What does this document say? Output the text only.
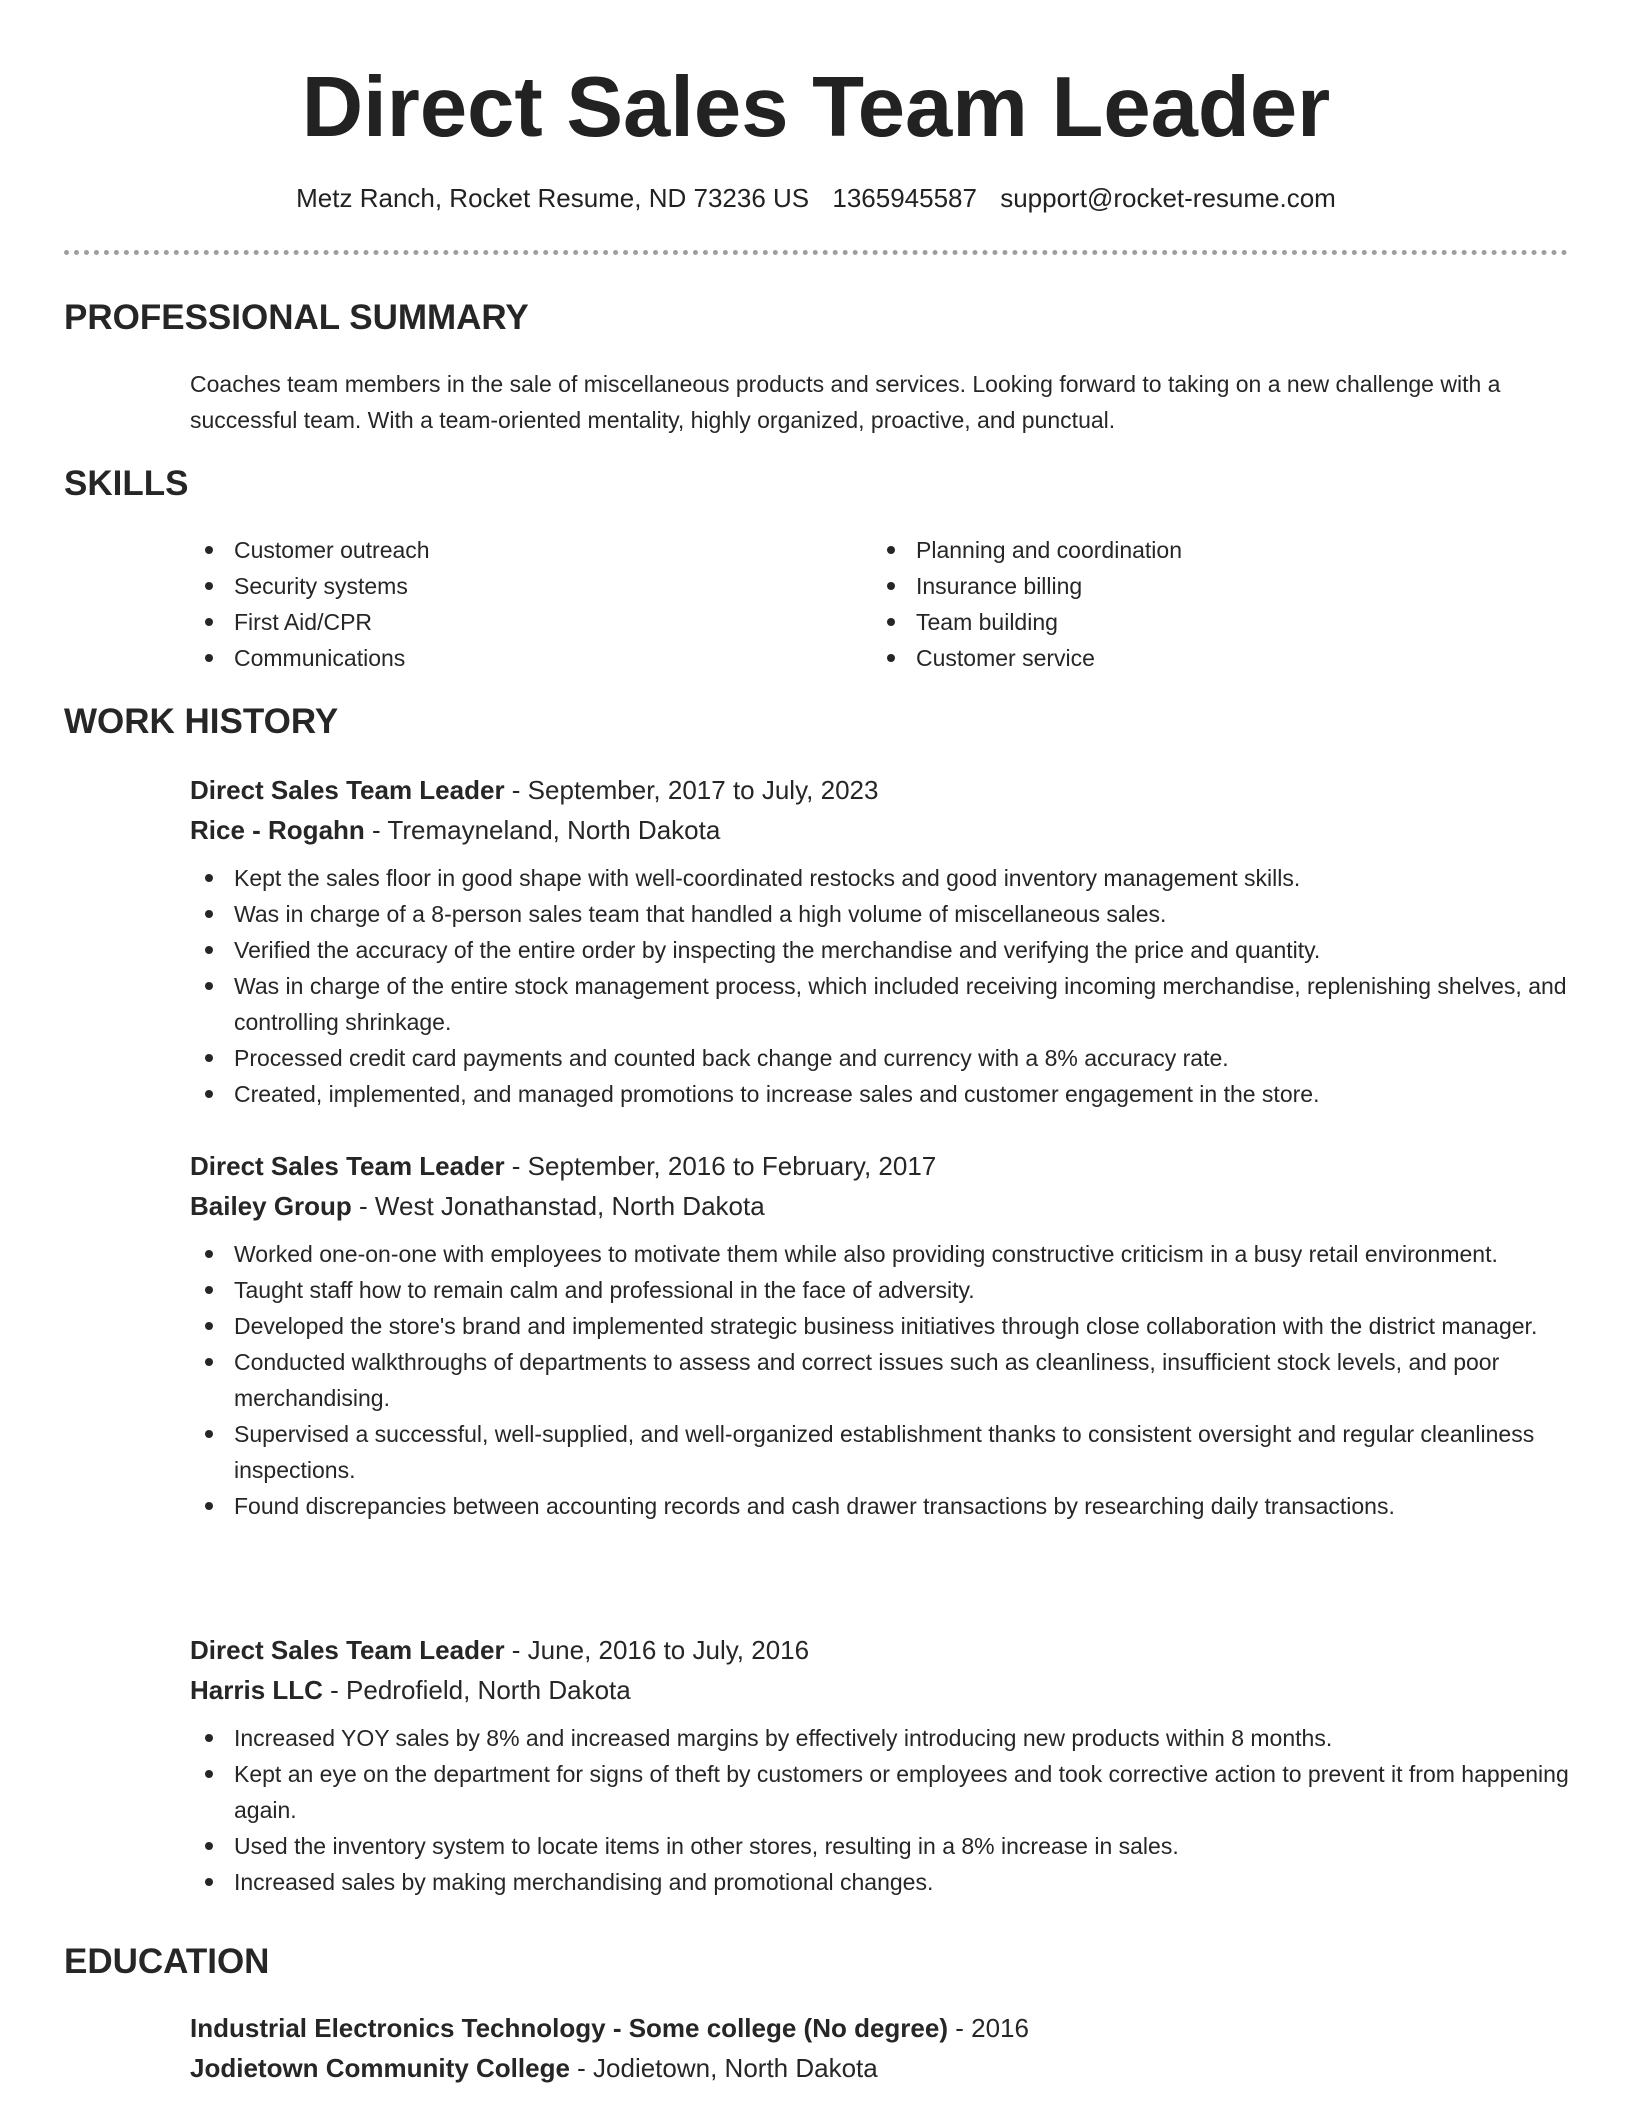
Direct Sales Team Leader
Metz Ranch, Rocket Resume, ND 73236 US 1365945587 support@rocket-resume.com
PROFESSIONAL SUMMARY

Coaches team members in the sale of miscellaneous products and services. Looking forward to taking on a new challenge with a successful team. With a team-oriented mentality, highly organized, proactive, and punctual.

SKILLS
Customer outreach
Security systems
First Aid/CPR
Communications
Planning and coordination
Insurance billing
Team building
Customer service
WORK HISTORY
Direct Sales Team Leader - September, 2017 to July, 2023
Rice - Rogahn - Tremayneland, North Dakota
Kept the sales floor in good shape with well-coordinated restocks and good inventory management skills.
Was in charge of a 8-person sales team that handled a high volume of miscellaneous sales.
Verified the accuracy of the entire order by inspecting the merchandise and verifying the price and quantity.
Was in charge of the entire stock management process, which included receiving incoming merchandise, replenishing shelves, and controlling shrinkage.
Processed credit card payments and counted back change and currency with a 8% accuracy rate.
Created, implemented, and managed promotions to increase sales and customer engagement in the store.
Direct Sales Team Leader - September, 2016 to February, 2017
Bailey Group - West Jonathanstad, North Dakota
Worked one-on-one with employees to motivate them while also providing constructive criticism in a busy retail environment.
Taught staff how to remain calm and professional in the face of adversity.
Developed the store's brand and implemented strategic business initiatives through close collaboration with the district manager.
Conducted walkthroughs of departments to assess and correct issues such as cleanliness, insufficient stock levels, and poor merchandising.
Supervised a successful, well-supplied, and well-organized establishment thanks to consistent oversight and regular cleanliness inspections.
Found discrepancies between accounting records and cash drawer transactions by researching daily transactions.
Direct Sales Team Leader - June, 2016 to July, 2016
Harris LLC - Pedrofield, North Dakota
Increased YOY sales by 8% and increased margins by effectively introducing new products within 8 months.
Kept an eye on the department for signs of theft by customers or employees and took corrective action to prevent it from happening again.
Used the inventory system to locate items in other stores, resulting in a 8% increase in sales.
Increased sales by making merchandising and promotional changes.
EDUCATION
Industrial Electronics Technology - Some college (No degree) - 2016
Jodietown Community College - Jodietown, North Dakota
